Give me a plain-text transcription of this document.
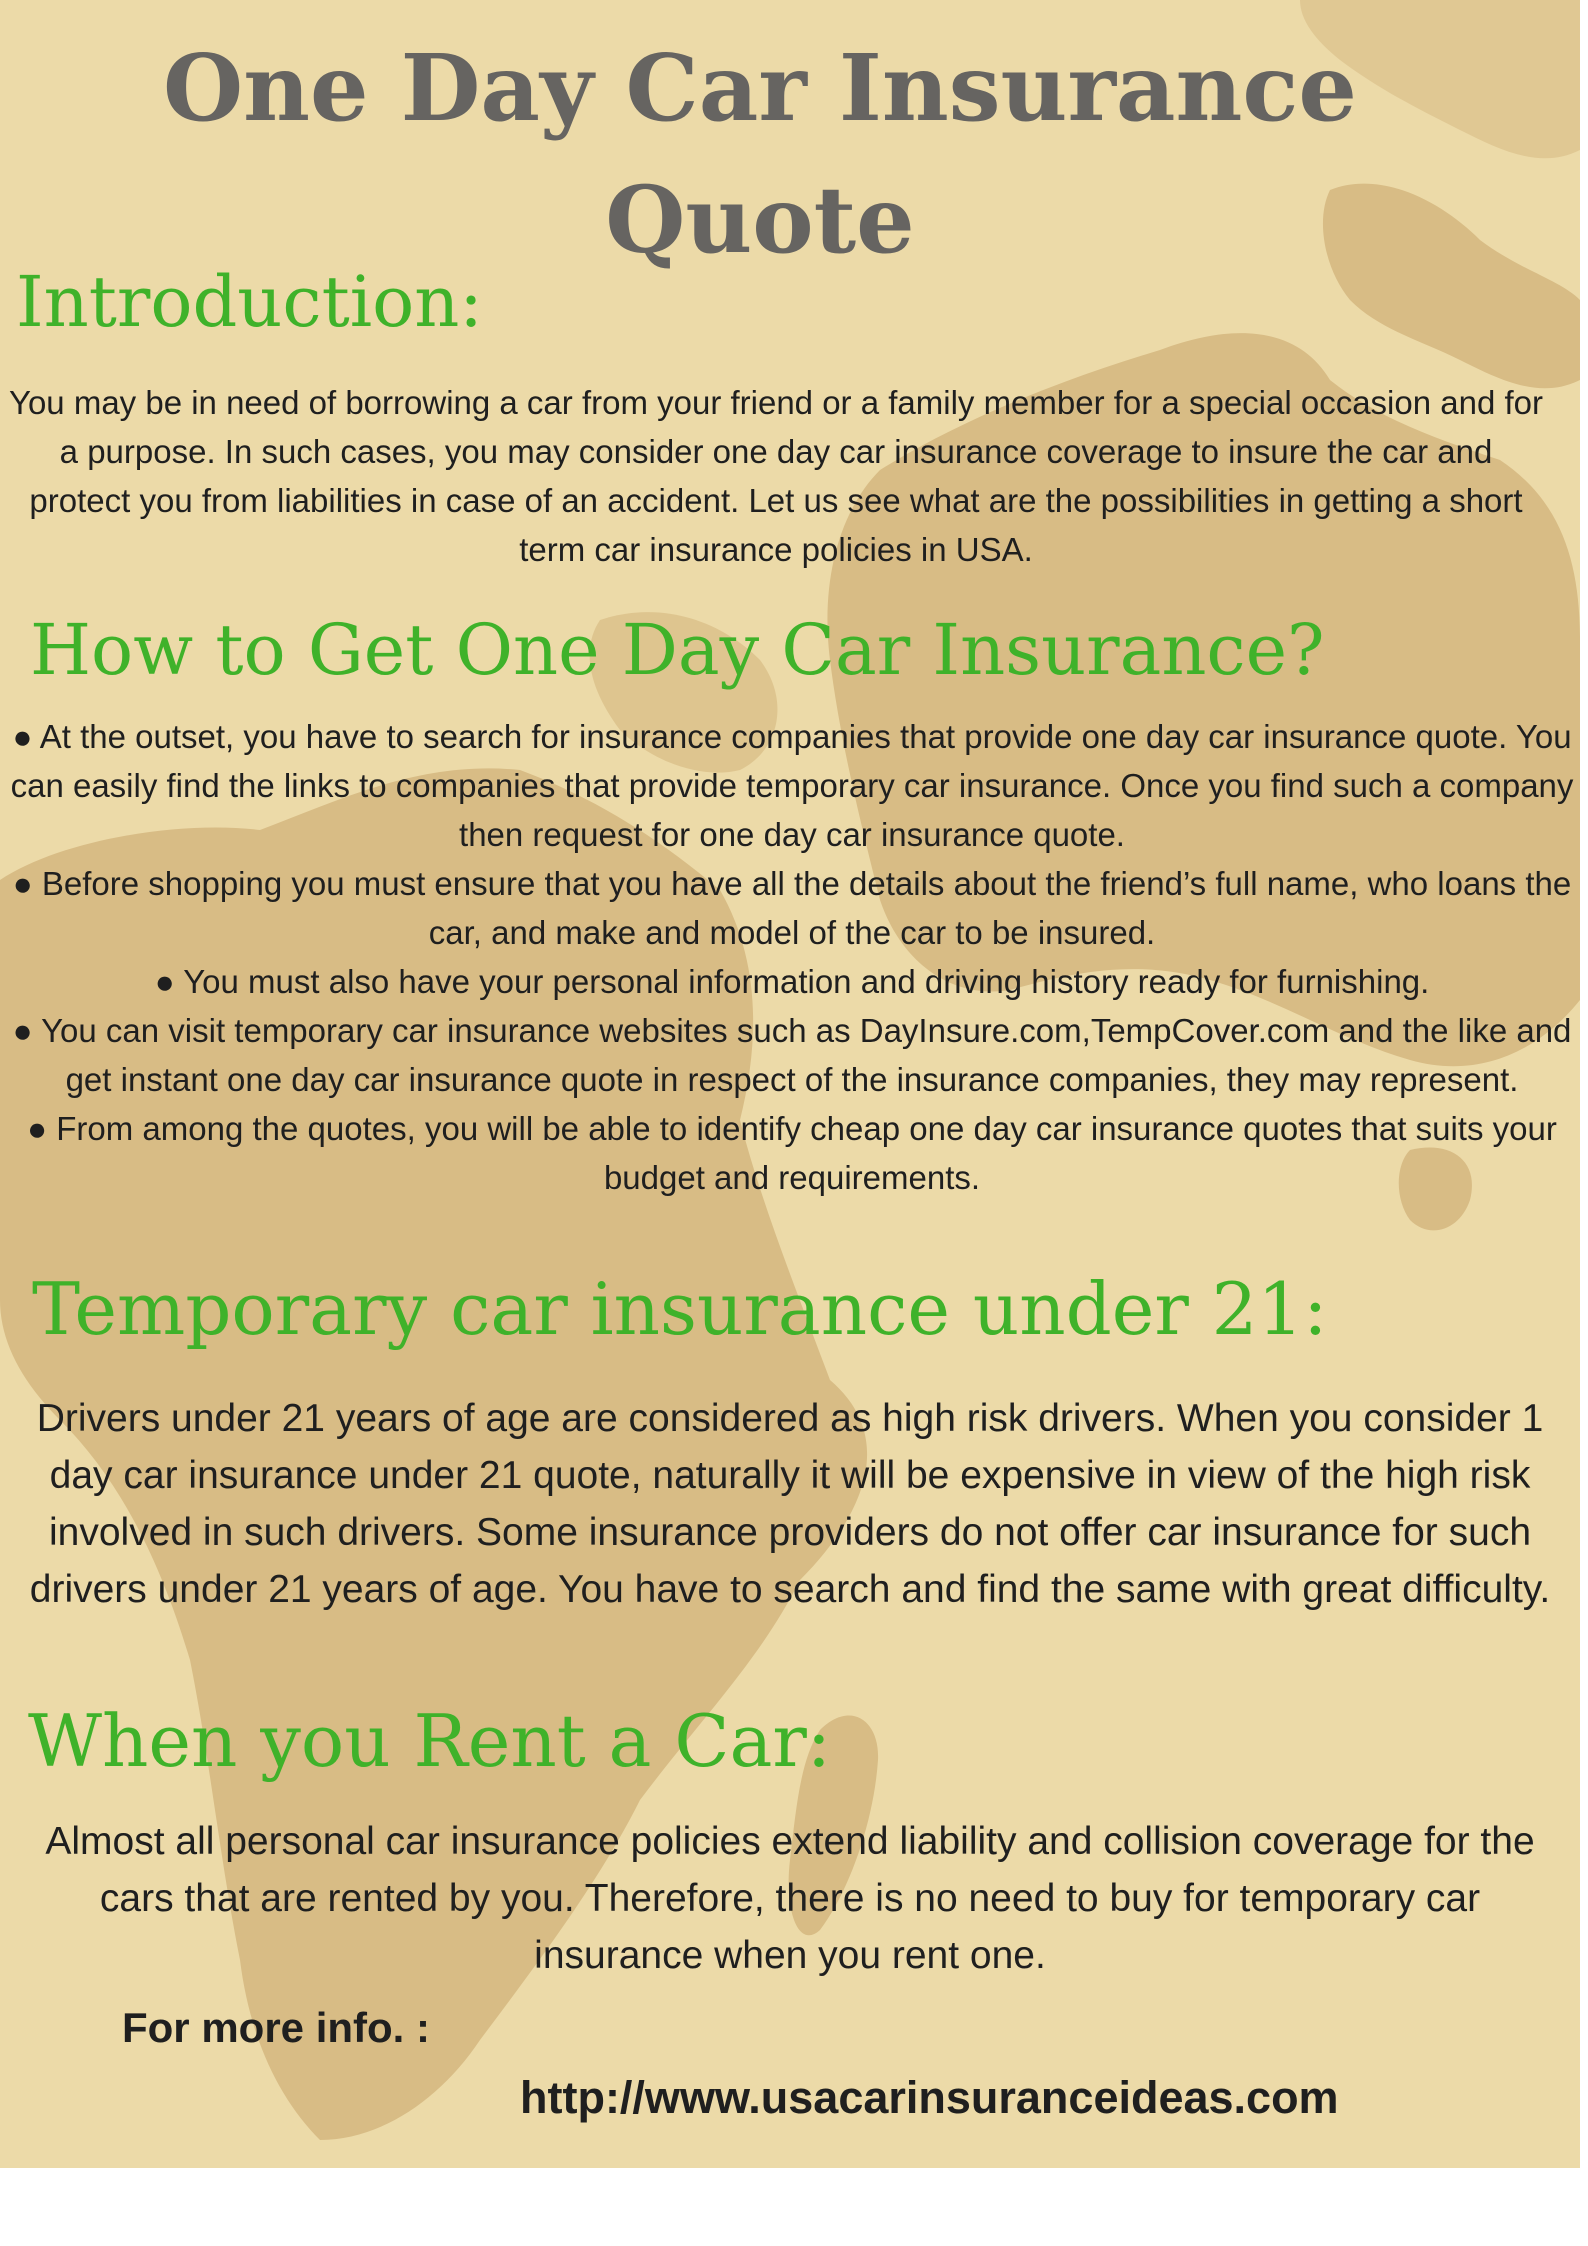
One Day Car Insurance
Quote
Introduction:

You may be in need of borrowing a car from your friend or a family member for a special occasion and for a purpose. In such cases, you may consider one day car insurance coverage to insure the car and protect you from liabilities in case of an accident. Let us see what are the possibilities in getting a short term car insurance policies in USA.

How to Get One Day Car Insurance?

● At the outset, you have to search for insurance companies that provide one day car insurance quote. You can easily find the links to companies that provide temporary car insurance. Once you find such a company then request for one day car insurance quote.

● Before shopping you must ensure that you have all the details about the friend’s full name, who loans the car, and make and model of the car to be insured.

● You must also have your personal information and driving history ready for furnishing.

● You can visit temporary car insurance websites such as DayInsure.com,TempCover.com and the like and get instant one day car insurance quote in respect of the insurance companies, they may represent.

● From among the quotes, you will be able to identify cheap one day car insurance quotes that suits your budget and requirements.

Temporary car insurance under 21:

Drivers under 21 years of age are considered as high risk drivers. When you consider 1 day car insurance under 21 quote, naturally it will be expensive in view of the high risk involved in such drivers. Some insurance providers do not offer car insurance for such drivers under 21 years of age. You have to search and find the same with great difficulty.

When you Rent a Car:

Almost all personal car insurance policies extend liability and collision coverage for the cars that are rented by you. Therefore, there is no need to buy for temporary car insurance when you rent one.

For more info. :

http://www.usacarinsuranceideas.com
